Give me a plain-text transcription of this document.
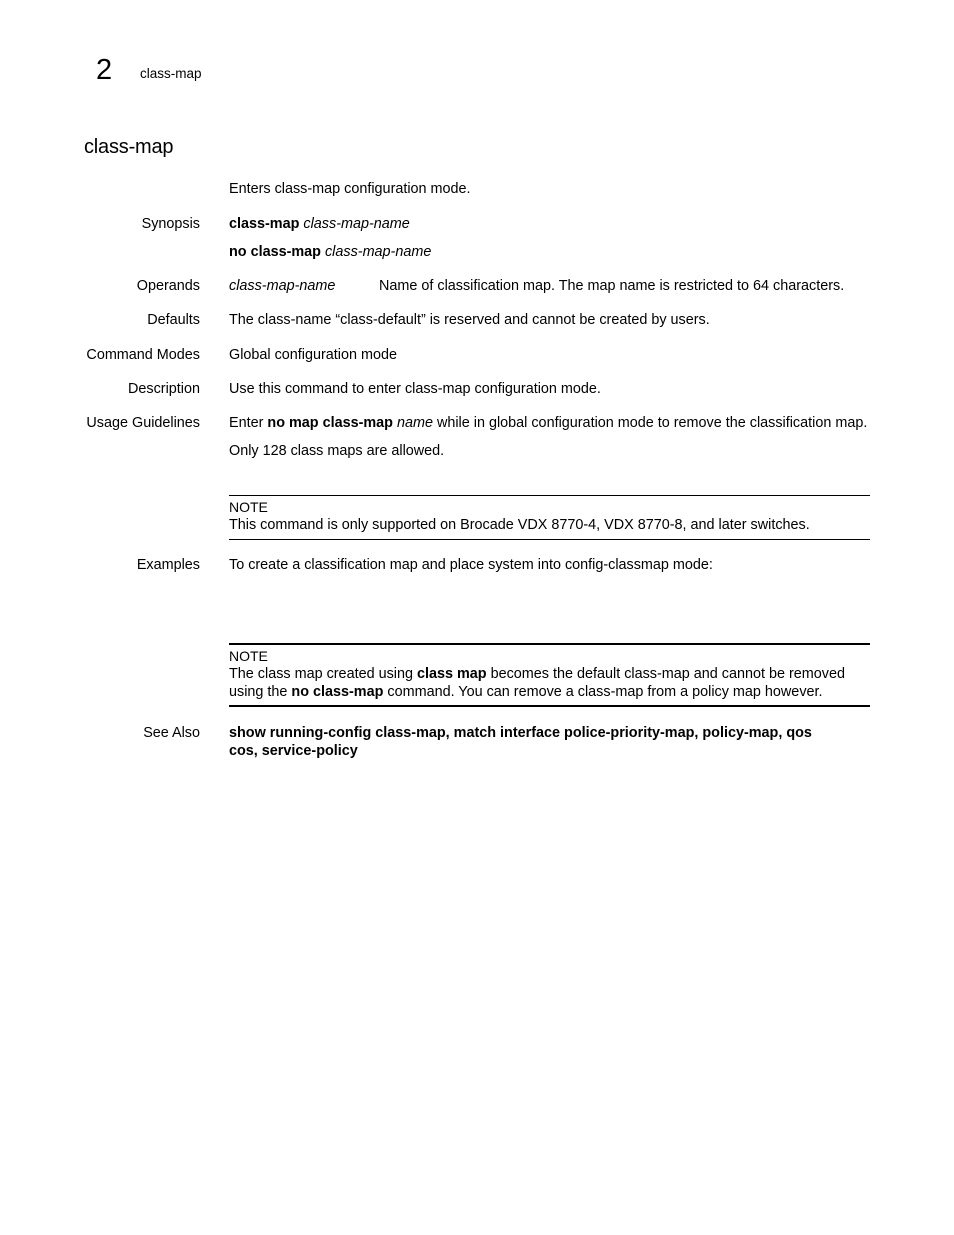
2 class-map
class-map
Enters class-map configuration mode.
Synopsis class-map class-map-name

no class-map class-map-name

Operands class-map-name	Name of classification map. The map name is restricted to 64 characters.
Defaults The class-name “class-default” is reserved and cannot be created by users.
Command Modes Global configuration mode
Description Use this command to enter class-map configuration mode.
Usage Guidelines Enter no map class-map name while in global configuration mode to remove the classification map.

Only 128 class maps are allowed.

NOTE
This command is only supported on Brocade VDX 8770-4, VDX 8770-8, and later switches.
Examples To create a classification map and place system into config-classmap mode:
NOTE
The class map created using class map becomes the default class-map and cannot be removed using the no class-map command. You can remove a class-map from a policy map however.
See Also show running-config class-map, match interface police-priority-map, policy-map, qos cos, service-policy
